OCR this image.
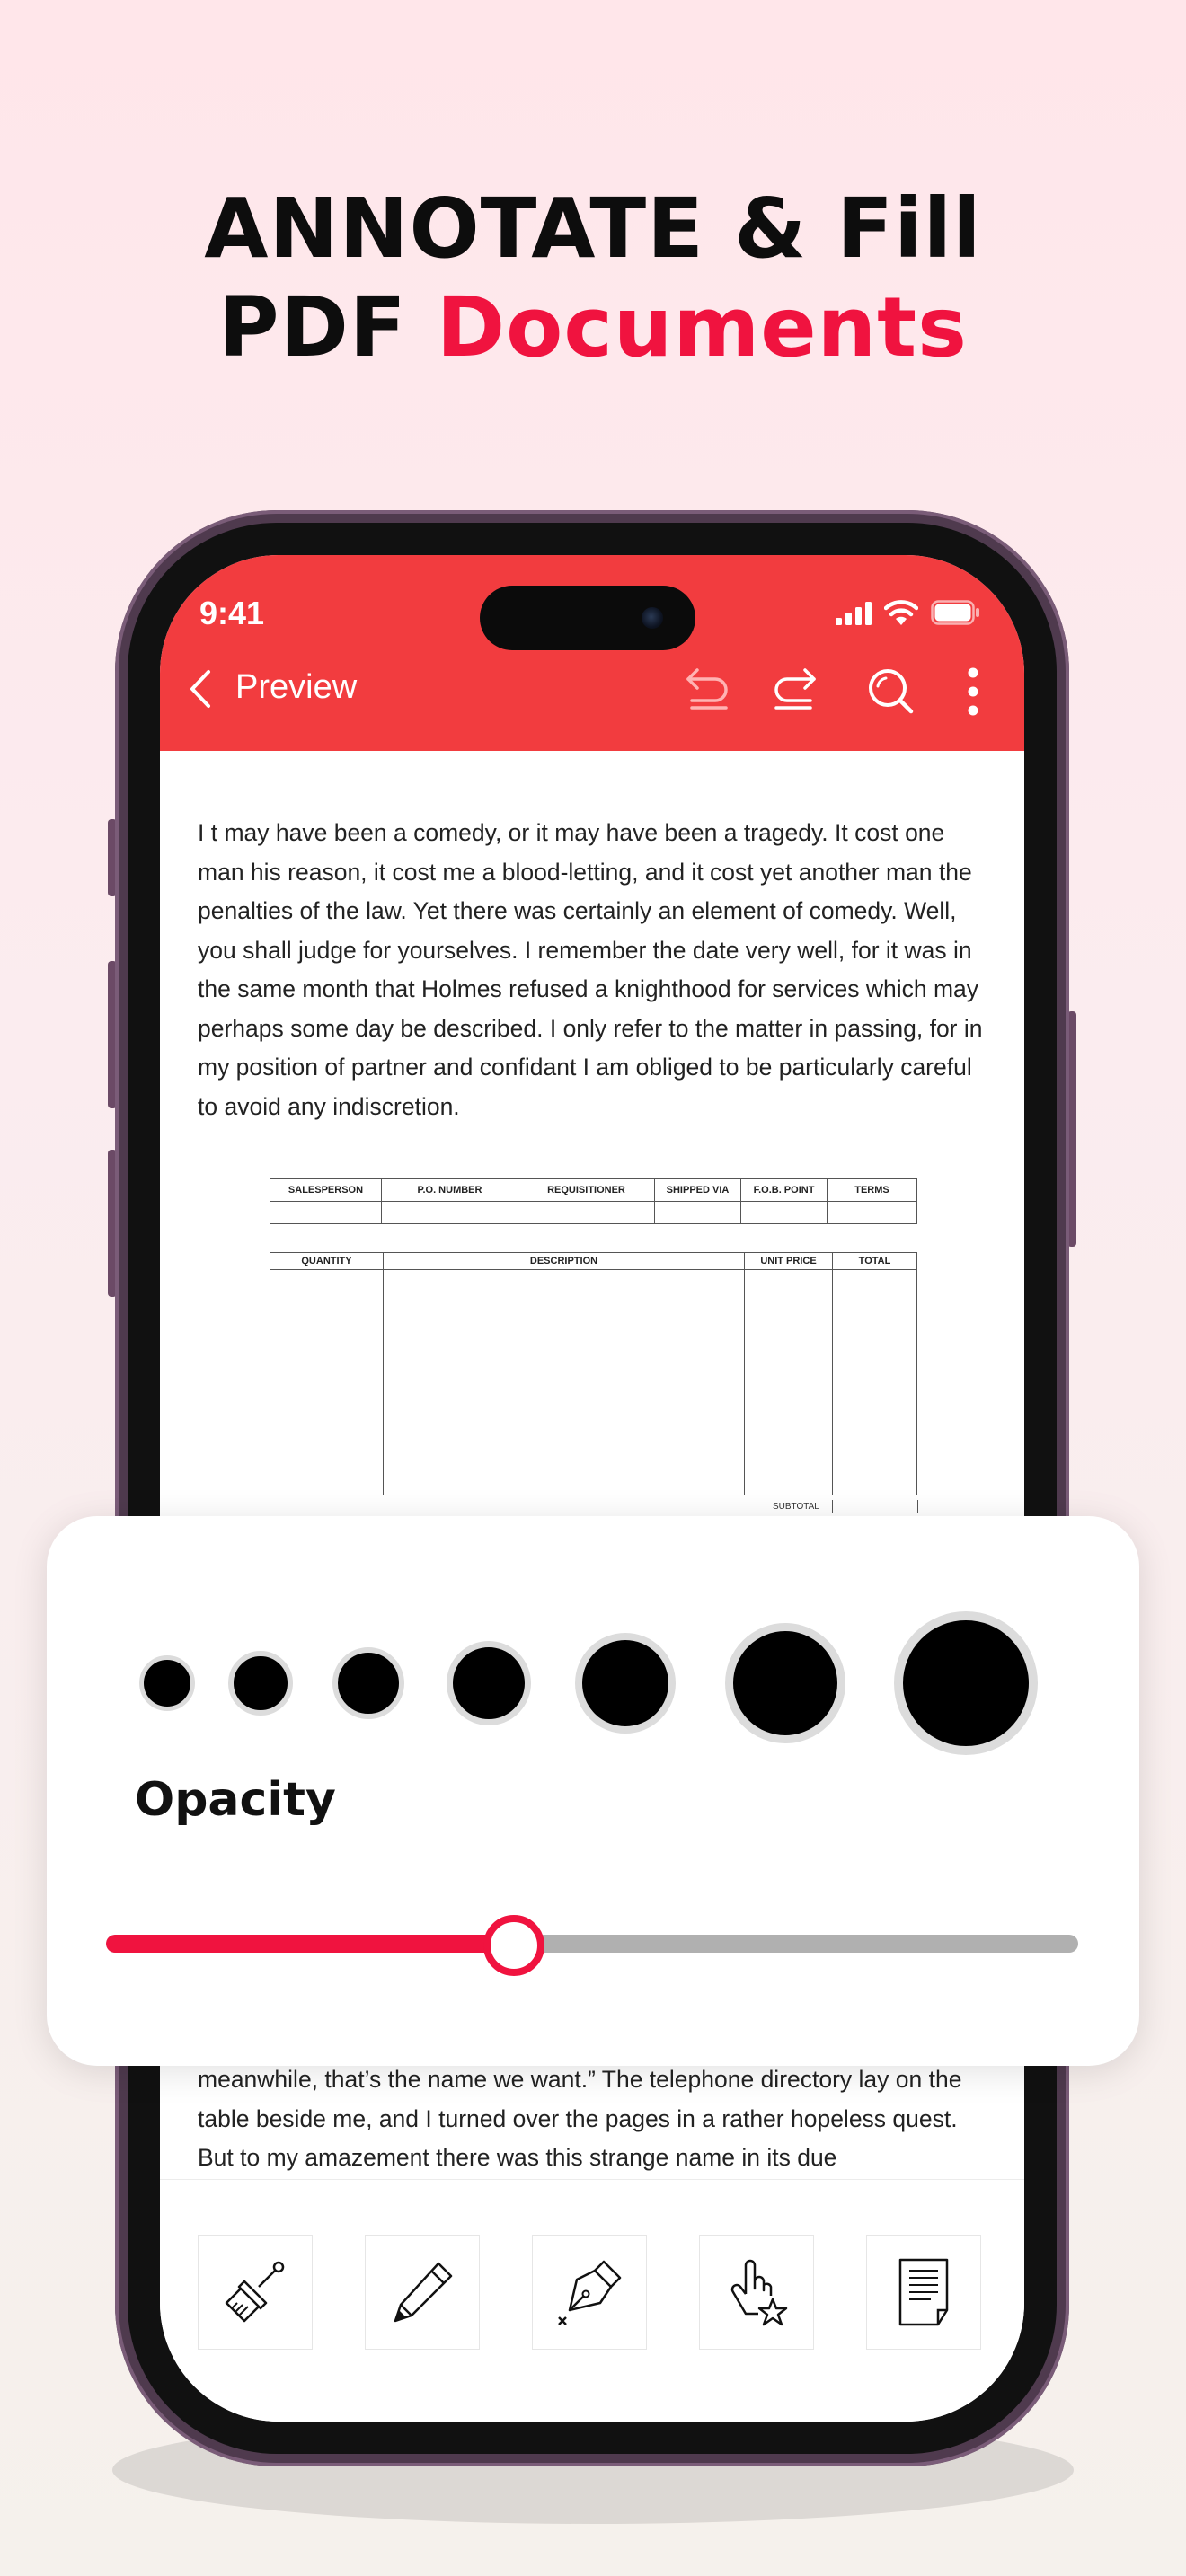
ANNOTATE & Fill
PDF Documents
9:41
Preview

I t may have been a comedy, or it may have been a tragedy. It cost one man his reason, it cost me a blood-letting, and it cost yet another man the penalties of the law. Yet there was certainly an element of comedy. Well, you shall judge for yourselves. I remember the date very well, for it was in the same month that Holmes refused a knighthood for services which may perhaps some day be described. I only refer to the matter in passing, for in my position of partner and confidant I am obliged to be particularly careful to avoid any indiscretion.

SALESPERSON	P.O. NUMBER	REQUISITIONER	SHIPPED VIA	F.O.B. POINT	TERMS

QUANTITY	DESCRIPTION	UNIT PRICE	TOTAL

SUBTOTAL

meanwhile, that’s the name we want.” The telephone directory lay on the table beside me, and I turned over the pages in a rather hopeless quest. But to my amazement there was this strange name in its due

Opacity
